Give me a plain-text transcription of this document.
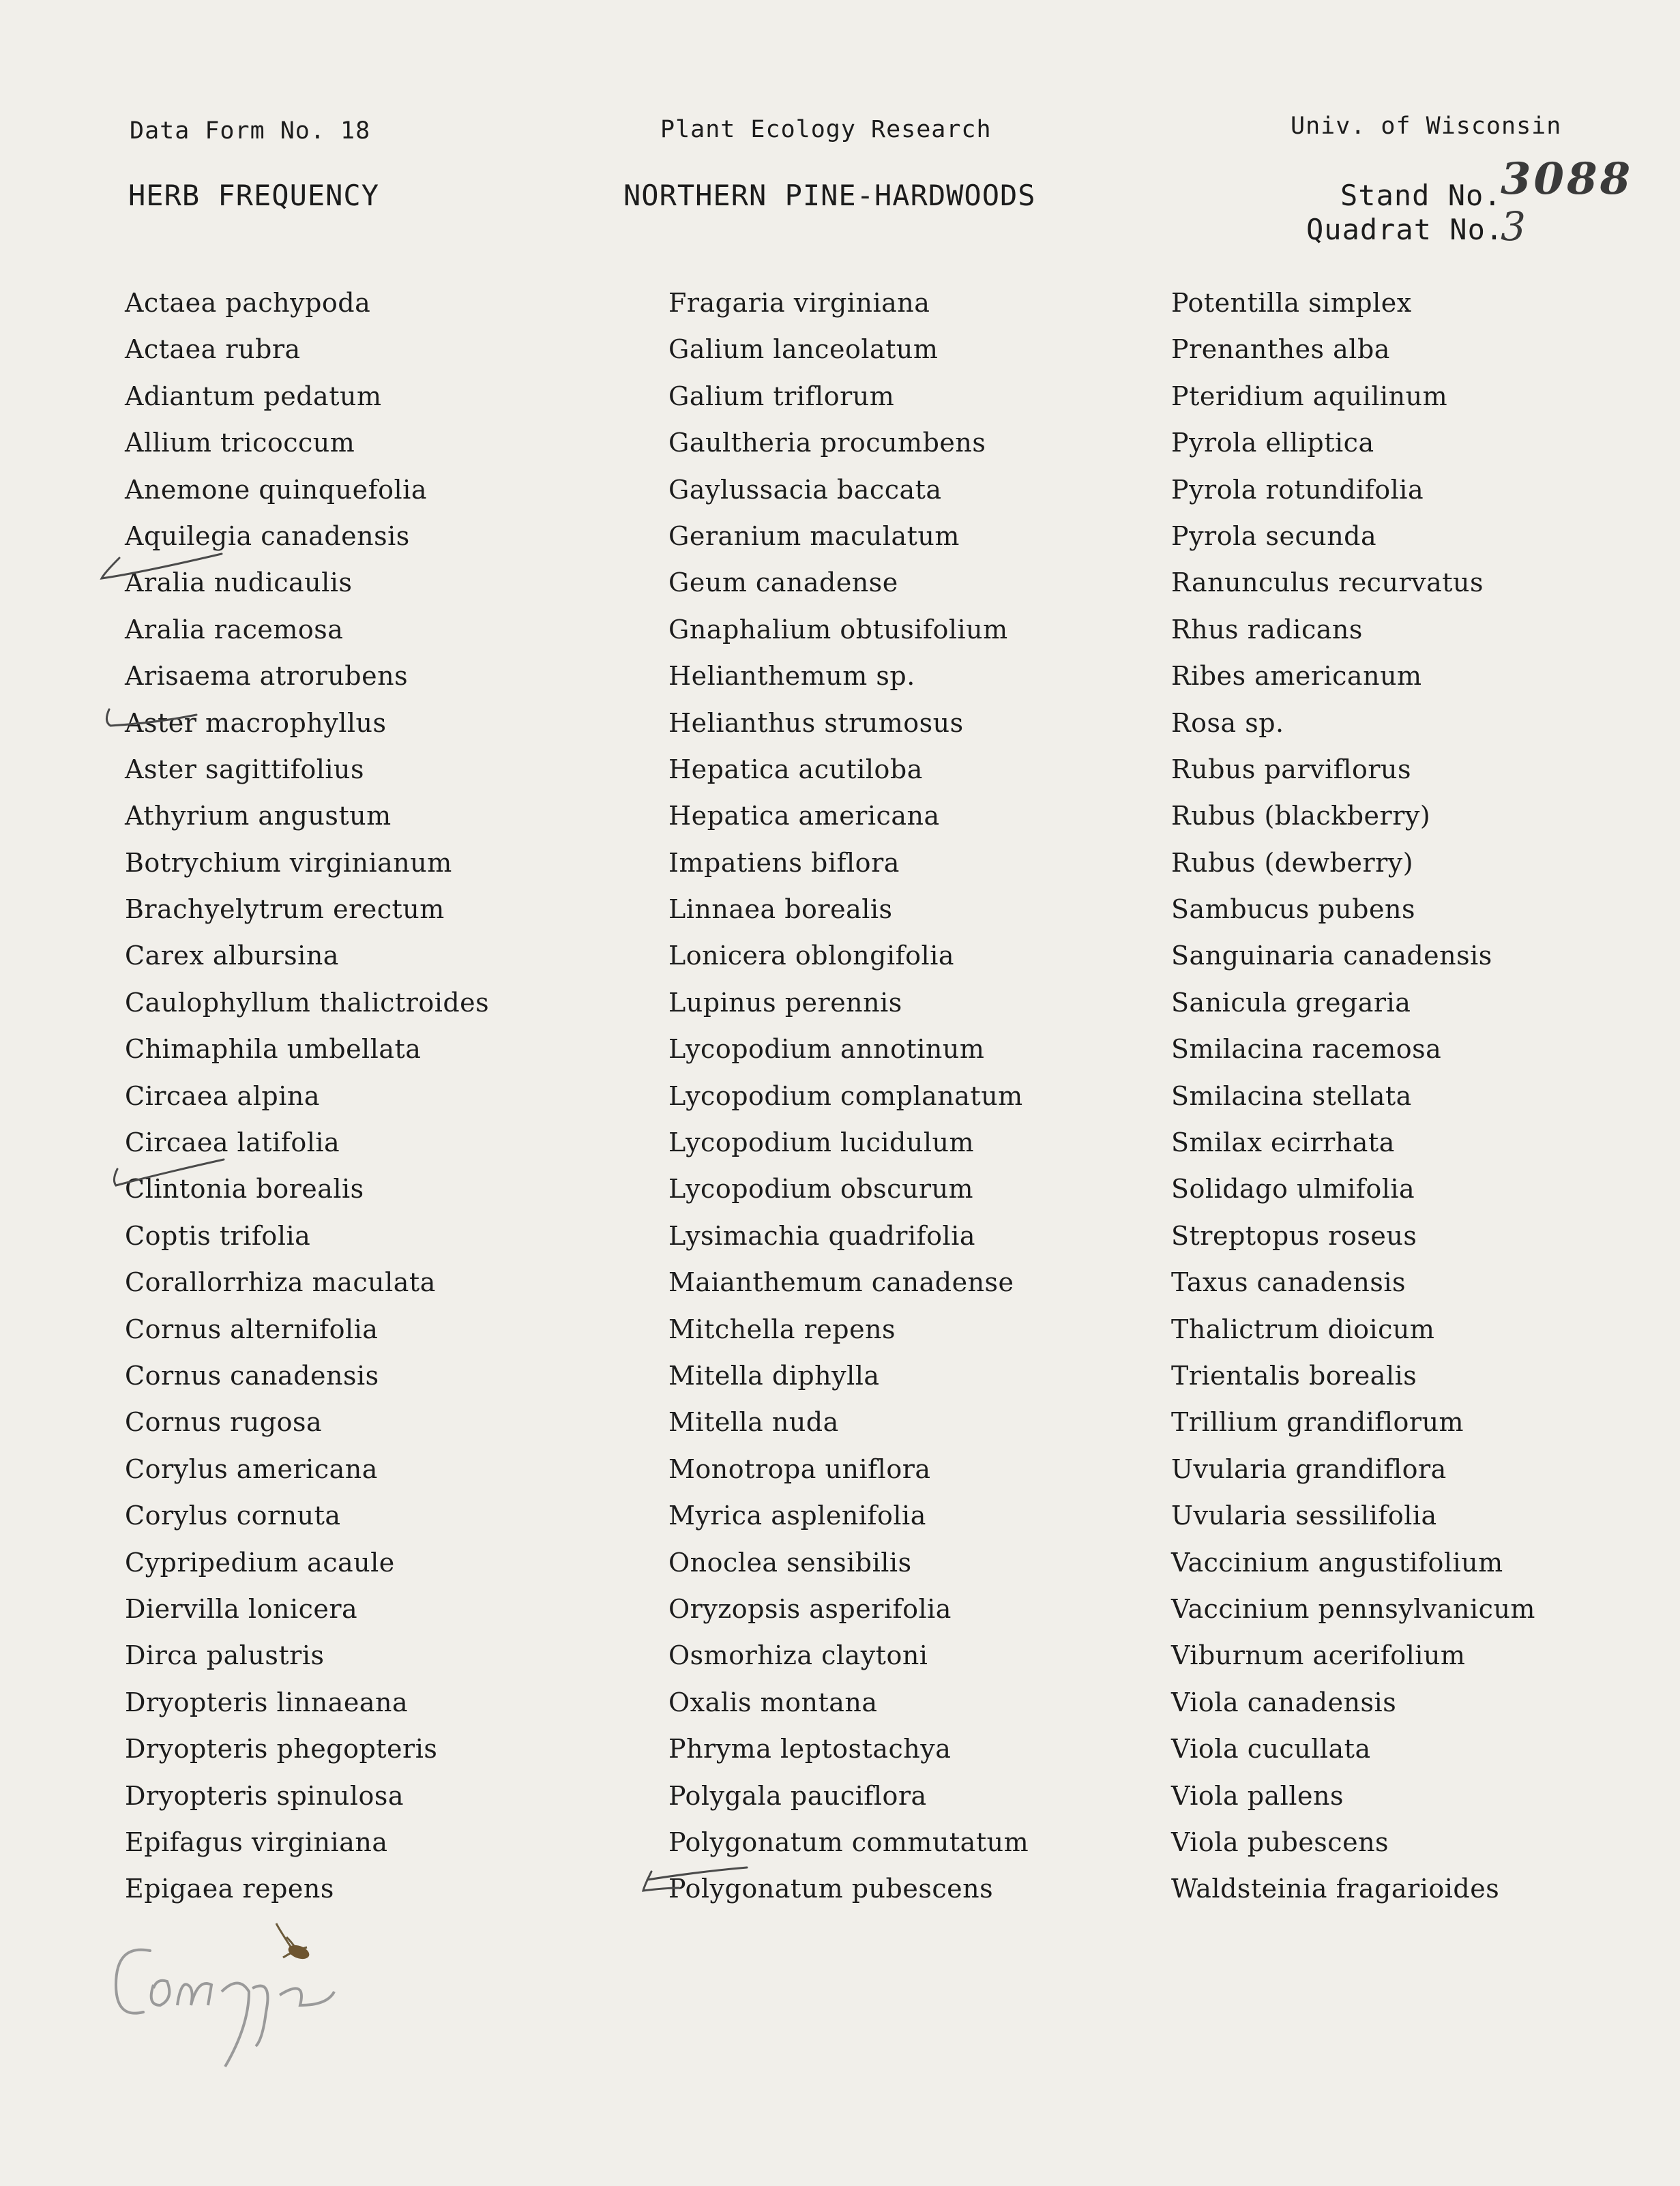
Data Form No. 18	Plant Ecology Research	Univ. of Wisconsin
HERB FREQUENCY	NORTHERN PINE-HARDWOODS	Stand No.
3088
Quadrat No.
3
Actaea pachypoda
Actaea rubra
Adiantum pedatum
Allium tricoccum
Anemone quinquefolia
Aquilegia canadensis
Aralia nudicaulis
Aralia racemosa
Arisaema atrorubens
Aster macrophyllus
Aster sagittifolius
Athyrium angustum
Botrychium virginianum
Brachyelytrum erectum
Carex albursina
Caulophyllum thalictroides
Chimaphila umbellata
Circaea alpina
Circaea latifolia
Clintonia borealis
Coptis trifolia
Corallorrhiza maculata
Cornus alternifolia
Cornus canadensis
Cornus rugosa
Corylus americana
Corylus cornuta
Cypripedium acaule
Diervilla lonicera
Dirca palustris
Dryopteris linnaeana
Dryopteris phegopteris
Dryopteris spinulosa
Epifagus virginiana
Epigaea repens
Fragaria virginiana
Galium lanceolatum
Galium triflorum
Gaultheria procumbens
Gaylussacia baccata
Geranium maculatum
Geum canadense
Gnaphalium obtusifolium
Helianthemum sp.
Helianthus strumosus
Hepatica acutiloba
Hepatica americana
Impatiens biflora
Linnaea borealis
Lonicera oblongifolia
Lupinus perennis
Lycopodium annotinum
Lycopodium complanatum
Lycopodium lucidulum
Lycopodium obscurum
Lysimachia quadrifolia
Maianthemum canadense
Mitchella repens
Mitella diphylla
Mitella nuda
Monotropa uniflora
Myrica asplenifolia
Onoclea sensibilis
Oryzopsis asperifolia
Osmorhiza claytoni
Oxalis montana
Phryma leptostachya
Polygala pauciflora
Polygonatum commutatum
Polygonatum pubescens
Potentilla simplex
Prenanthes alba
Pteridium aquilinum
Pyrola elliptica
Pyrola rotundifolia
Pyrola secunda
Ranunculus recurvatus
Rhus radicans
Ribes americanum
Rosa sp.
Rubus parviflorus
Rubus (blackberry)
Rubus (dewberry)
Sambucus pubens
Sanguinaria canadensis
Sanicula gregaria
Smilacina racemosa
Smilacina stellata
Smilax ecirrhata
Solidago ulmifolia
Streptopus roseus
Taxus canadensis
Thalictrum dioicum
Trientalis borealis
Trillium grandiflorum
Uvularia grandiflora
Uvularia sessilifolia
Vaccinium angustifolium
Vaccinium pennsylvanicum
Viburnum acerifolium
Viola canadensis
Viola cucullata
Viola pallens
Viola pubescens
Waldsteinia fragarioides
